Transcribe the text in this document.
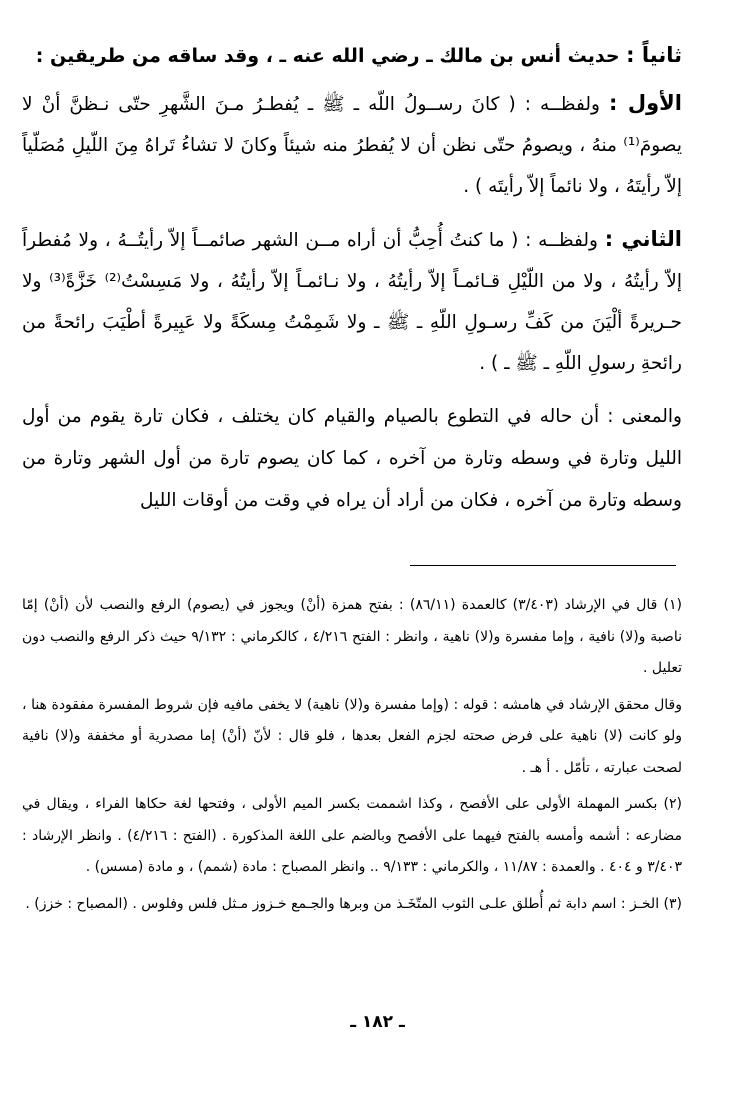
ثانياً : حديث أنس بن مالك ـ رضي الله عنه ـ ، وقد ساقه من طريقين :

الأول : ولفظــه : ( كانَ رســولُ اللّه ـ ﷺ ـ يُفطـرُ مـنَ الشَّهرِ حتّى نـظنَّ أنْ لا يصومَ⁽¹⁾ منهُ ، ويصومُ حتّى نظن أن لا يُفطرُ منه شيئاً وكانَ لا تشاءُ تَراهُ مِنَ اللّيلِ مُصَلّياً إلاّ رأيتَهُ ، ولا نائماً إلاّ رأيتَه ) .

الثاني : ولفظــه : ( ما كنتُ أُحِبُّ أن أراه مــن الشهر صائمــاً إلاّ رأيتُــهُ ، ولا مُفطراً إلاّ رأيتُهُ ، ولا من اللّيْلِ قـائمـاً إلاّ رأيتُهُ ، ولا نـائمـاً إلاّ رأيتُهُ ، ولا مَسِسْتُ⁽²⁾ خَزَّةً⁽³⁾ ولا حـريرةً ألْيَنَ من كَفِّ رسـولِ اللّهِ ـ ﷺ ـ ولا شَمِمْتُ مِسكَةً ولا عَبِيرةً أطْيَبَ رائحةً من رائحةِ رسولِ اللّهِ ـ ﷺ ـ ) .

والمعنى : أن حاله في التطوع بالصيام والقيام كان يختلف ، فكان تارة يقوم من أول الليل وتارة في وسطه وتارة من آخره ، كما كان يصوم تارة من أول الشهر وتارة من وسطه وتارة من آخره ، فكان من أراد أن يراه في وقت من أوقات الليل

(١) قال في الإرشاد (٣/٤٠٣) كالعمدة (٨٦/١١) : بفتح همزة (أنْ) ويجوز في (يصوم) الرفع والنصب لأن (أنْ) إمّا ناصبة و(لا) نافية ، وإما مفسرة و(لا) ناهية ، وانظر : الفتح ٤/٢١٦ ، كالكرماني : ٩/١٣٢ حيث ذكر الرفع والنصب دون تعليل .
وقال محقق الإرشاد في هامشه : قوله : (وإما مفسرة و(لا) ناهية) لا يخفى مافيه فإن شروط المفسرة مفقودة هنا ، ولو كانت (لا) ناهية على فرض صحته لجزم الفعل بعدها ، فلو قال : لأنّ (أنْ) إما مصدرية أو مخففة و(لا) نافية لصحت عبارته ، تأمّل . أ هـ .
(٢) بكسر المهملة الأولى على الأفصح ، وكذا اشممت بكسر الميم الأولى ، وفتحها لغة حكاها الفراء ، ويقال في مضارعه : أشمه وأمسه بالفتح فيهما على الأفصح وبالضم على اللغة المذكورة . (الفتح : ٤/٢١٦) . وانظر الإرشاد : ٣/٤٠٣ و ٤٠٤ . والعمدة : ١١/٨٧ ، والكرماني : ٩/١٣٣ .. وانظر المصباح : مادة (شمم) ، و مادة (مسس) .
(٣) الخـز : اسم دابة ثم أُطلق علـى الثوب المتّخَـذ من وبرها والجـمع خـزوز مـثل فلس وفلوس . (المصباح : خزز) .
ـ ١٨٢ ـ
